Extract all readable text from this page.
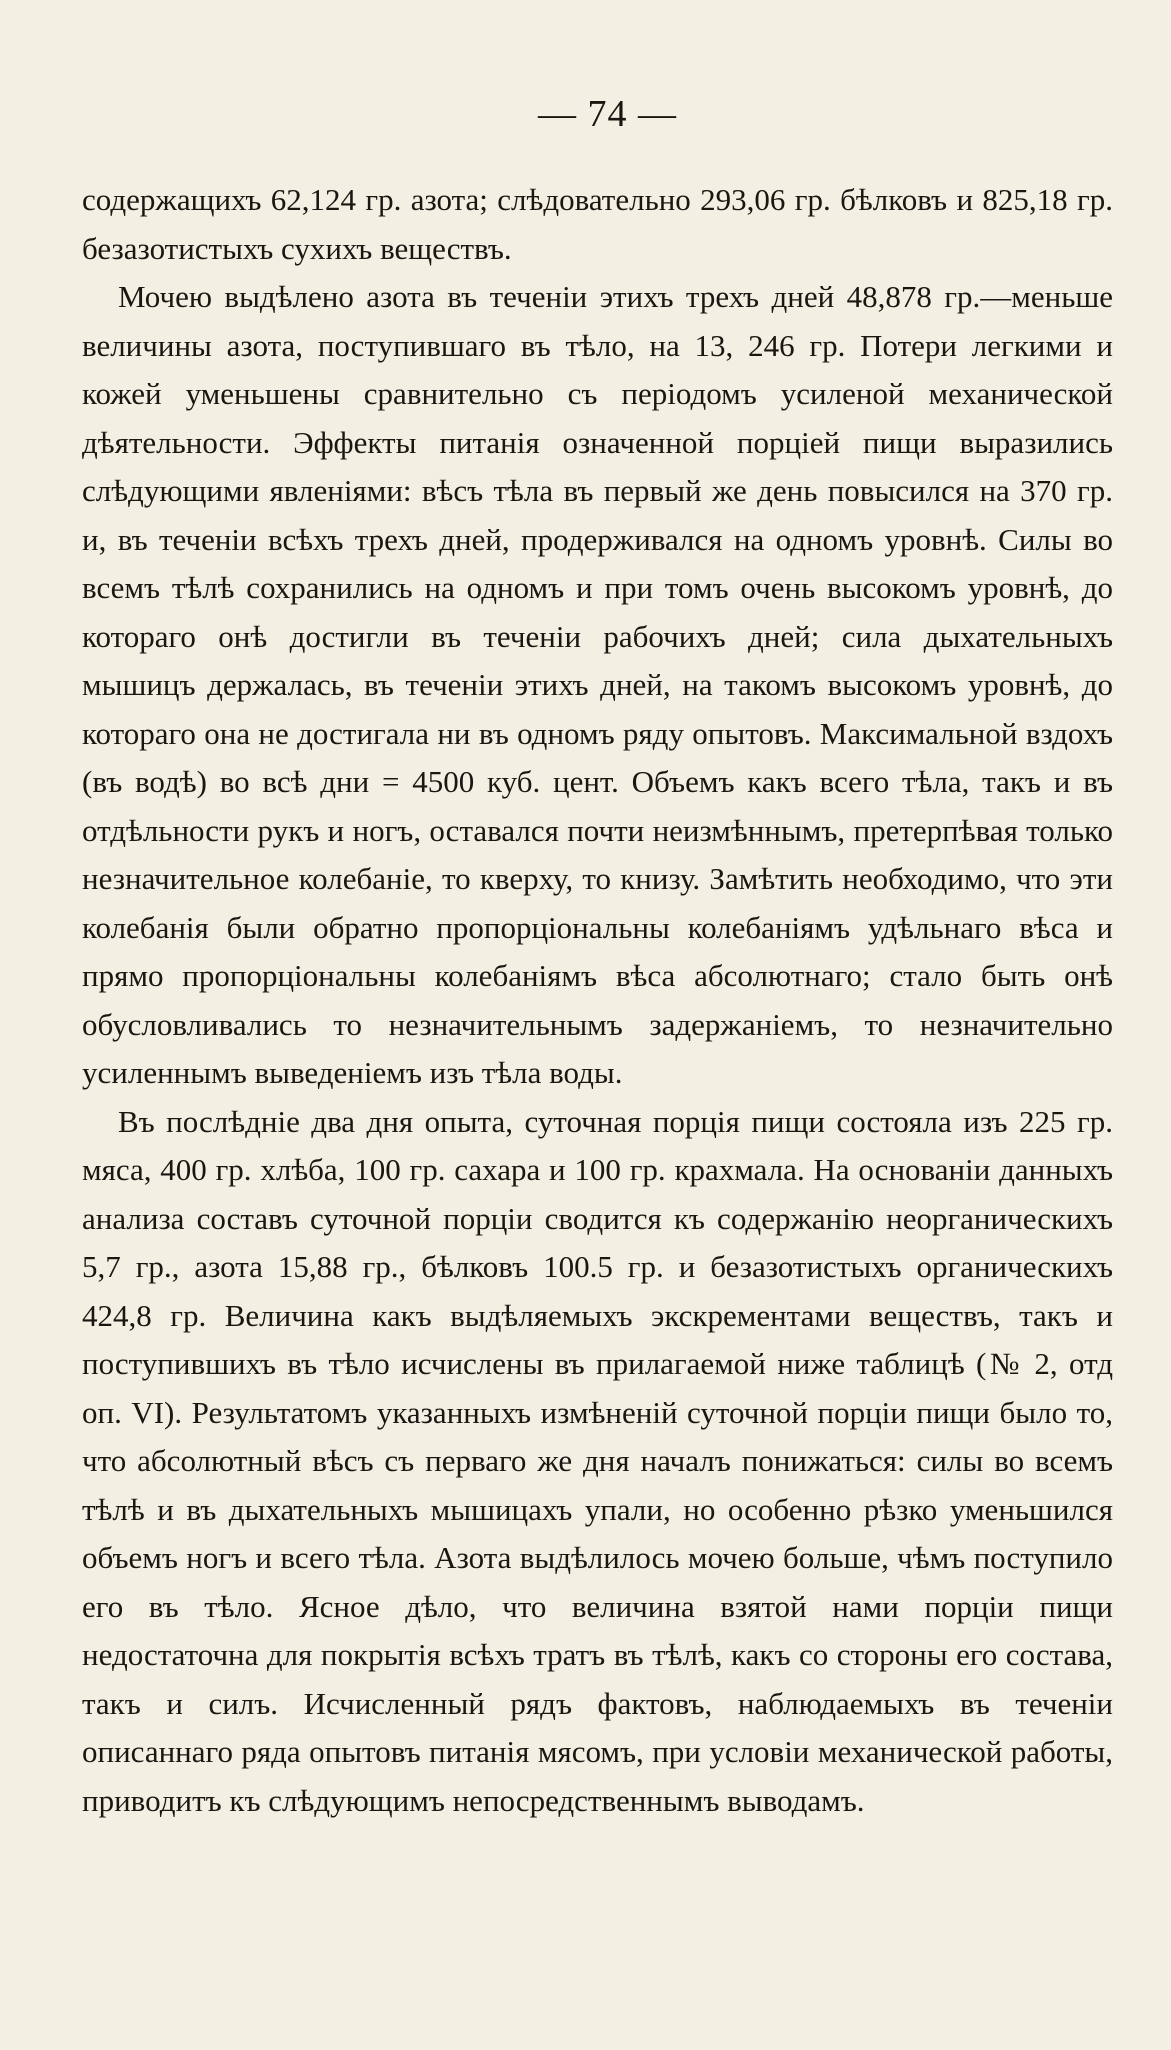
— 74 —

содержащихъ 62,124 гр. азота; слѣдовательно 293,06 гр. бѣлковъ и 825,18 гр. безазотистыхъ сухихъ веществъ.

Мочею выдѣлено азота въ теченіи этихъ трехъ дней 48,878 гр.—меньше величины азота, поступившаго въ тѣло, на 13, 246 гр. Потери легкими и кожей уменьшены сравнительно съ періодомъ усиленой механической дѣятельности. Эффекты питанія означенной порціей пищи выразились слѣдующими явленіями: вѣсъ тѣла въ первый же день повысился на 370 гр. и, въ теченіи всѣхъ трехъ дней, продерживался на одномъ уровнѣ. Силы во всемъ тѣлѣ сохранились на одномъ и при томъ очень высокомъ уровнѣ, до котораго онѣ достигли въ теченіи рабочихъ дней; сила дыхательныхъ мышицъ держалась, въ теченіи этихъ дней, на такомъ высокомъ уровнѣ, до котораго она не достигала ни въ одномъ ряду опытовъ. Максимальной вздохъ (въ водѣ) во всѣ дни = 4500 куб. цент. Объемъ какъ всего тѣла, такъ и въ отдѣльности рукъ и ногъ, оставался почти неизмѣннымъ, претерпѣвая только незначительное колебаніе, то кверху, то книзу. Замѣтить необходимо, что эти колебанія были обратно пропорціональны колебаніямъ удѣльнаго вѣса и прямо пропорціональны колебаніямъ вѣса абсолютнаго; стало быть онѣ обусловливались то незначительнымъ задержаніемъ, то незначительно усиленнымъ выведеніемъ изъ тѣла воды.

Въ послѣдніе два дня опыта, суточная порція пищи состояла изъ 225 гр. мяса, 400 гр. хлѣба, 100 гр. сахара и 100 гр. крахмала. На основаніи данныхъ анализа составъ суточной порціи сводится къ содержанію неорганическихъ 5,7 гр., азота 15,88 гр., бѣлковъ 100.5 гр. и безазотистыхъ органическихъ 424,8 гр. Величина какъ выдѣляемыхъ экскрементами веществъ, такъ и поступившихъ въ тѣло исчислены въ прилагаемой ниже таблицѣ (№ 2, отд оп. VI). Результатомъ указанныхъ измѣненій суточной порціи пищи было то, что абсолютный вѣсъ съ перваго же дня началъ понижаться: силы во всемъ тѣлѣ и въ дыхательныхъ мышицахъ упали, но особенно рѣзко уменьшился объемъ ногъ и всего тѣла. Азота выдѣлилось мочею больше, чѣмъ поступило его въ тѣло. Ясное дѣло, что величина взятой нами порціи пищи недостаточна для покрытія всѣхъ тратъ въ тѣлѣ, какъ со стороны его состава, такъ и силъ. Исчисленный рядъ фактовъ, наблюдаемыхъ въ теченіи описаннаго ряда опытовъ питанія мясомъ, при условіи механической работы, приводитъ къ слѣдующимъ непосредственнымъ выводамъ.
